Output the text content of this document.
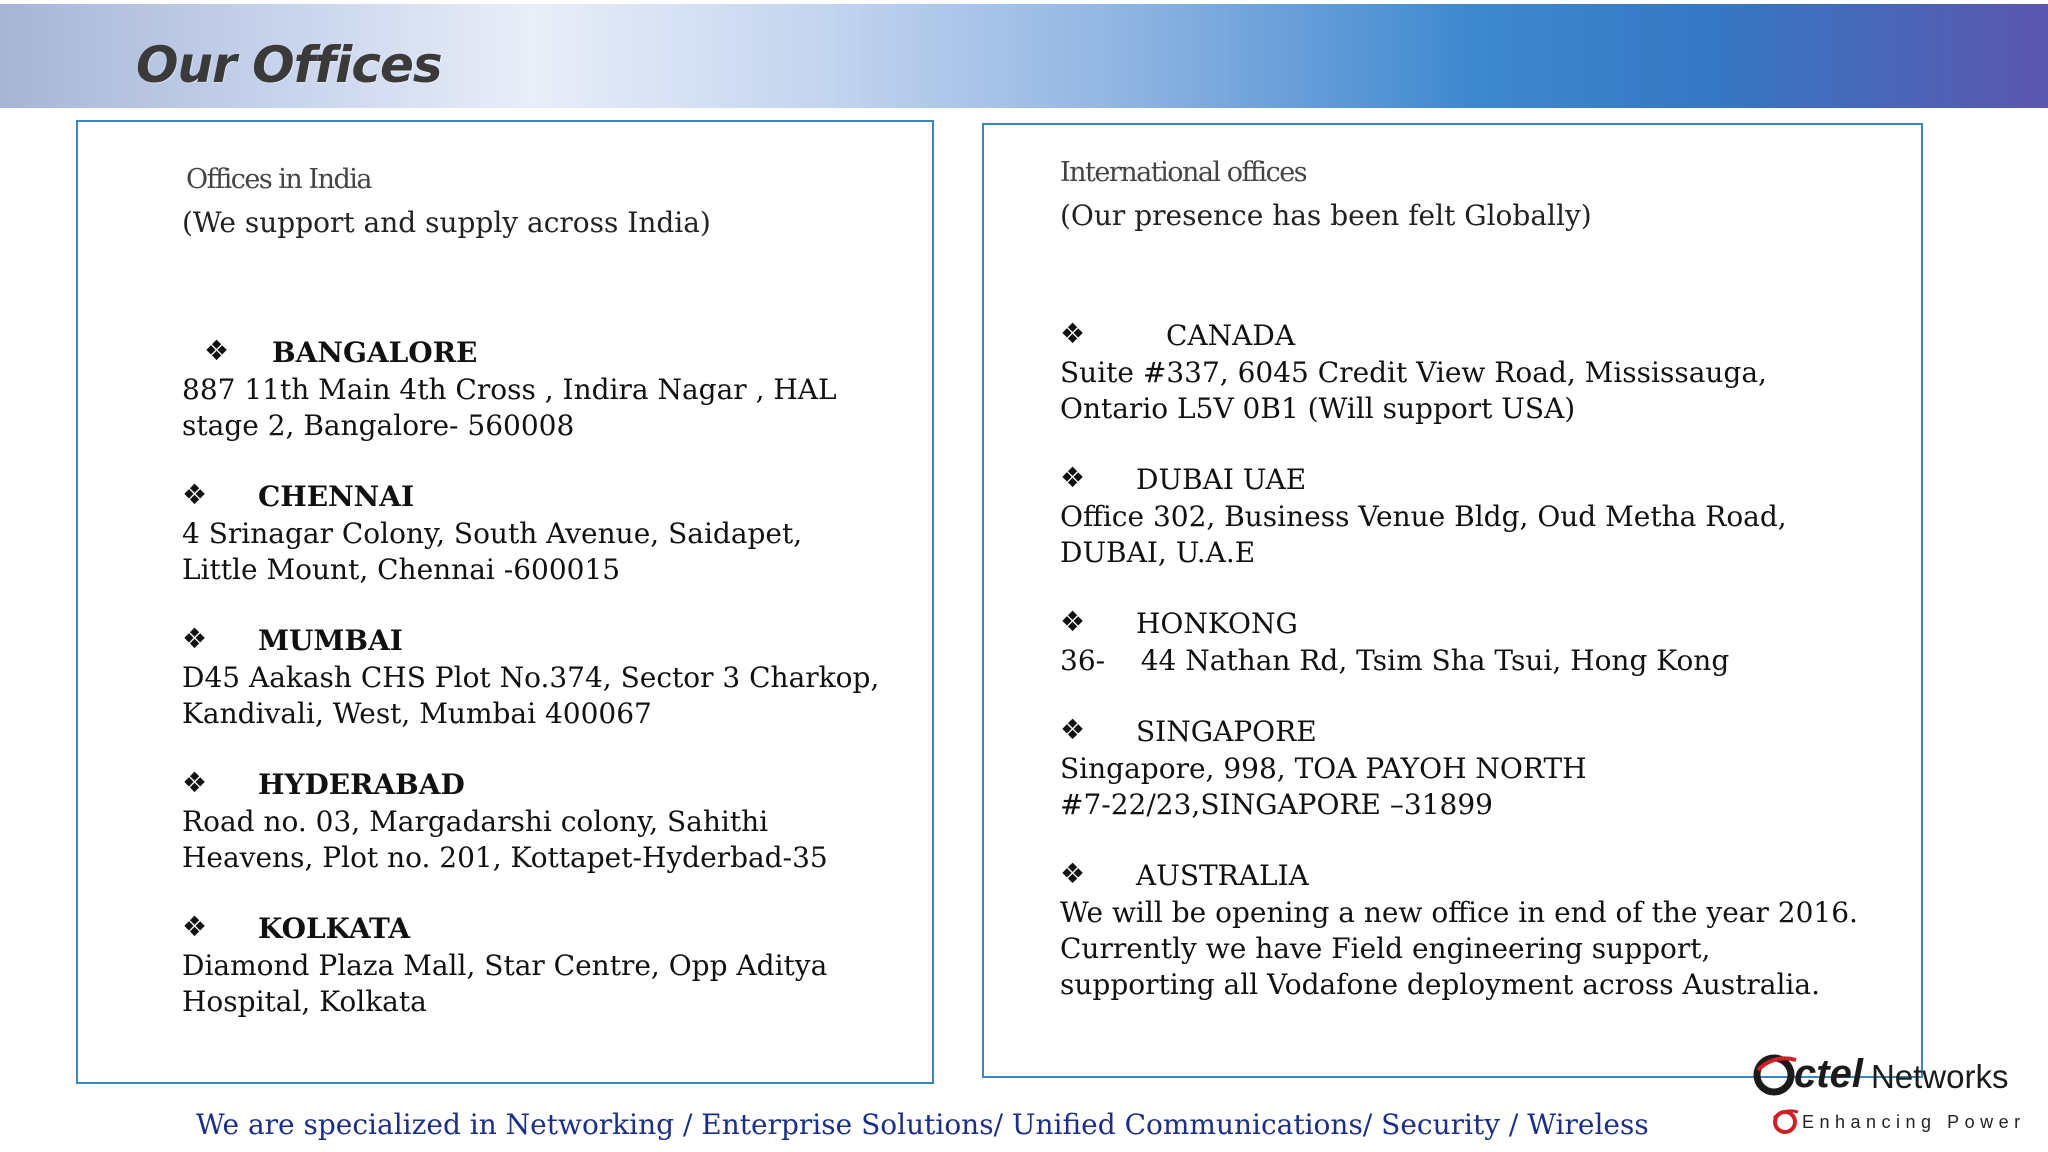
Our Offices
Offices in India
(We support and supply across India)
❖ BANGALORE
887 11th Main 4th Cross , Indira Nagar , HAL
stage 2, Bangalore- 560008
❖ CHENNAI
4 Srinagar Colony, South Avenue, Saidapet,
Little Mount, Chennai -600015
❖ MUMBAI
D45 Aakash CHS Plot No.374, Sector 3 Charkop,
Kandivali, West, Mumbai 400067
❖ HYDERABAD
Road no. 03, Margadarshi colony, Sahithi
Heavens, Plot no. 201, Kottapet-Hyderbad-35
❖ KOLKATA
Diamond Plaza Mall, Star Centre, Opp Aditya
Hospital, Kolkata
International offices
(Our presence has been felt Globally)
❖	CANADA
Suite #337, 6045 Credit View Road, Mississauga,
Ontario L5V 0B1 (Will support USA)
❖ DUBAI UAE
Office 302, Business Venue Bldg, Oud Metha Road,
DUBAI, U.A.E
❖ HONKONG
36-    44 Nathan Rd, Tsim Sha Tsui, Hong Kong
❖ SINGAPORE
Singapore, 998, TOA PAYOH NORTH
#7-22/23,SINGAPORE –31899
❖ AUSTRALIA
We will be opening a new office in end of the year 2016.
Currently we have Field engineering support,
supporting all Vodafone deployment across Australia.
We are specialized in Networking / Enterprise Solutions/ Unified Communications/ Security / Wireless
ctel Networks
Enhancing Power
